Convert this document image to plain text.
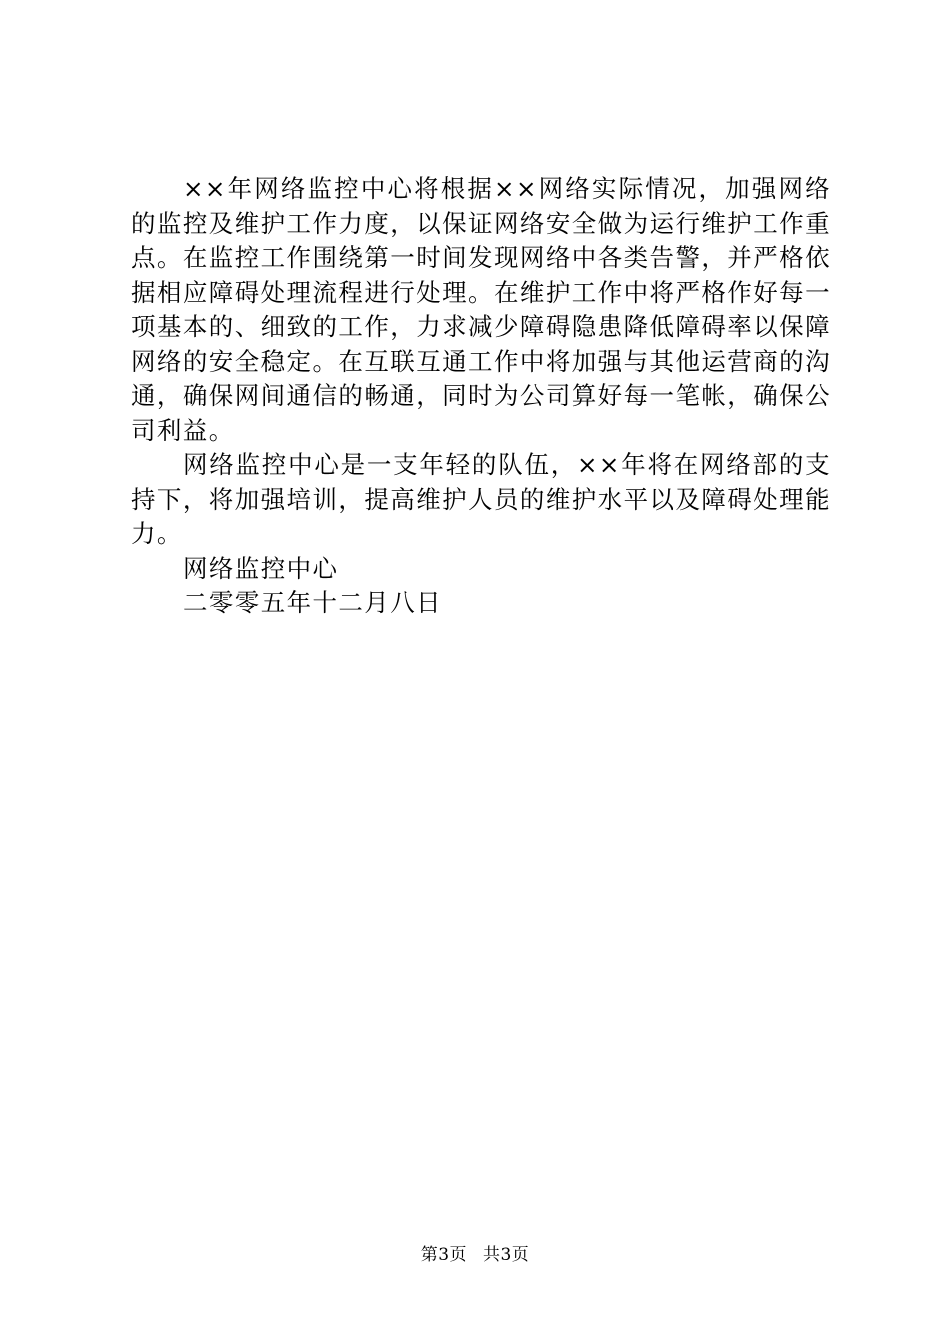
××年网络监控中心将根据××网络实际情况，加强网络的监控及维护工作力度，以保证网络安全做为运行维护工作重点。在监控工作围绕第一时间发现网络中各类告警，并严格依据相应障碍处理流程进行处理。在维护工作中将严格作好每一项基本的、细致的工作，力求减少障碍隐患降低障碍率以保障网络的安全稳定。在互联互通工作中将加强与其他运营商的沟通，确保网间通信的畅通，同时为公司算好每一笔帐，确保公司利益。

网络监控中心是一支年轻的队伍，××年将在网络部的支持下，将加强培训，提高维护人员的维护水平以及障碍处理能力。

网络监控中心

二零零五年十二月八日

第3页 共3页
